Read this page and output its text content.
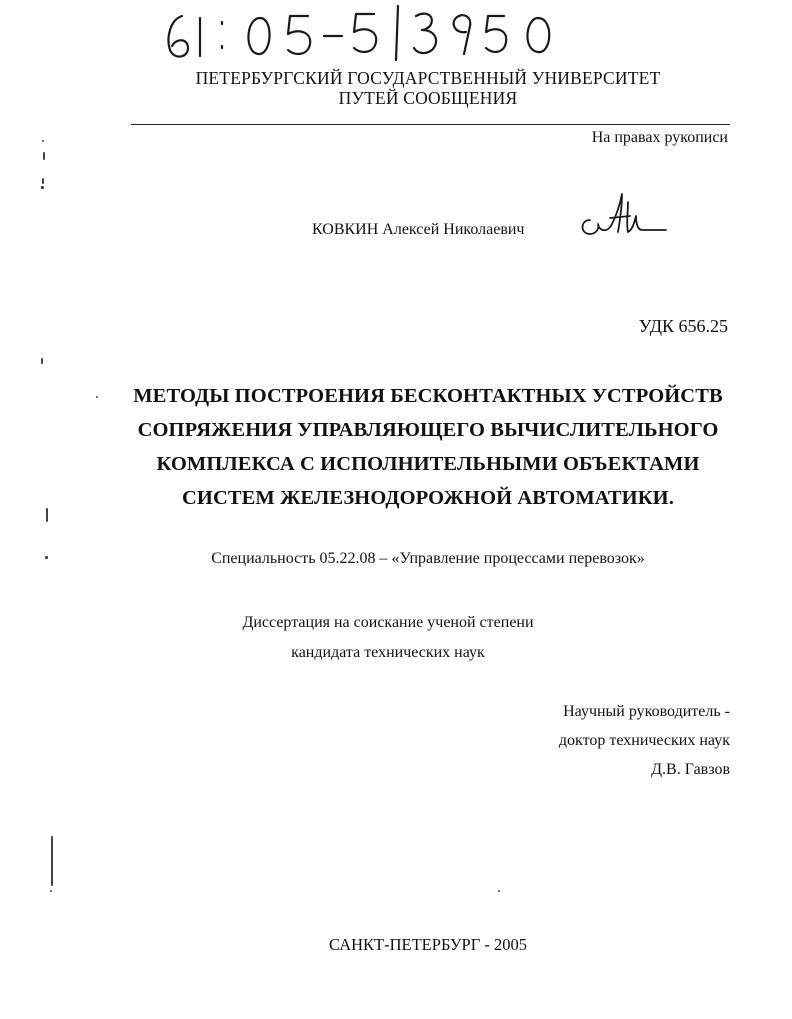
ПЕТЕРБУРГСКИЙ ГОСУДАРСТВЕННЫЙ УНИВЕРСИТЕТ
ПУТЕЙ СООБЩЕНИЯ
На правах рукописи
КОВКИН Алексей Николаевич
УДК 656.25
МЕТОДЫ ПОСТРОЕНИЯ БЕСКОНТАКТНЫХ УСТРОЙСТВ
СОПРЯЖЕНИЯ УПРАВЛЯЮЩЕГО ВЫЧИСЛИТЕЛЬНОГО
КОМПЛЕКСА С ИСПОЛНИТЕЛЬНЫМИ ОБЪЕКТАМИ
СИСТЕМ ЖЕЛЕЗНОДОРОЖНОЙ АВТОМАТИКИ.
Специальность 05.22.08 – «Управление процессами перевозок»
Диссертация на соискание ученой степени
кандидата технических наук
Научный руководитель -
доктор технических наук
Д.В. Гавзов
САНКТ-ПЕТЕРБУРГ - 2005
